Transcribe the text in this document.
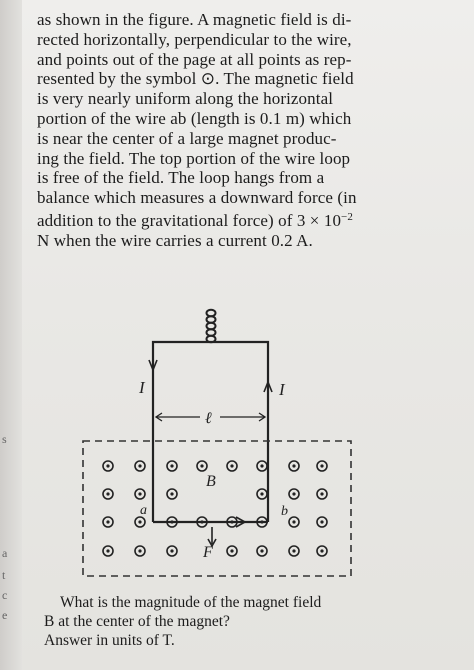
s
a
t
c
e
as shown in the figure. A magnetic field is di-
rected horizontally, perpendicular to the wire,
and points out of the page at all points as rep-
resented by the symbol ⊙. The magnetic field
is very nearly uniform along the horizontal
portion of the wire ab (length is 0.1 m) which
is near the center of a large magnet produc-
ing the field. The top portion of the wire loop
is free of the field. The loop hangs from a
balance which measures a downward force (in
addition to the gravitational force) of $3 \times 10^{-2}$
N when the wire carries a current 0.2 A.
I	I
ℓ
a	b
B
F
What is the magnitude of the magnet field
B at the center of the magnet?
Answer in units of T.
